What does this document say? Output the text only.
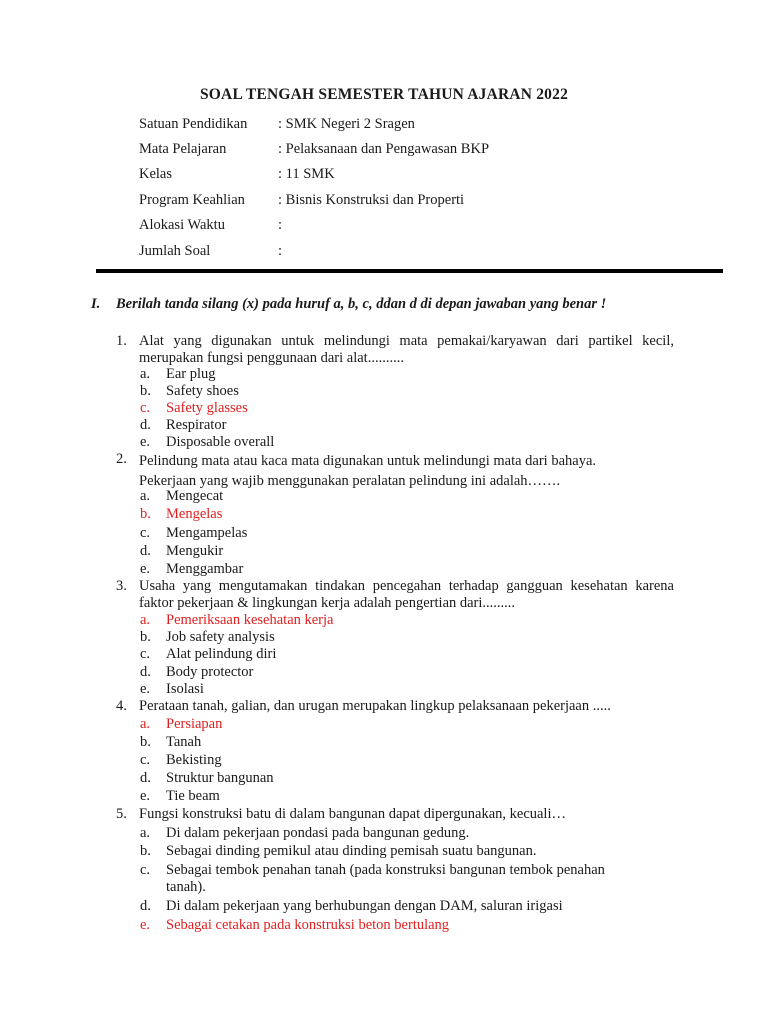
SOAL TENGAH SEMESTER TAHUN AJARAN 2022
Satuan Pendidikan : SMK Negeri 2 Sragen
Mata Pelajaran	: Pelaksanaan dan Pengawasan BKP
Kelas	: 11 SMK
Program Keahlian : Bisnis Konstruksi dan Properti
Alokasi Waktu	:
Jumlah Soal	:
I. Berilah tanda silang (x) pada huruf a, b, c, ddan d di depan jawaban yang benar !
1. Alat yang digunakan untuk melindungi mata pemakai/karyawan dari partikel kecil, merupakan fungsi penggunaan dari alat..........
a. Ear plug
b. Safety shoes
c. Safety glasses
d. Respirator
e. Disposable overall
2. Pelindung mata atau kaca mata digunakan untuk melindungi mata dari bahaya. Pekerjaan yang wajib menggunakan peralatan pelindung ini adalah…….
a. Mengecat
b. Mengelas
c. Mengampelas
d. Mengukir
e. Menggambar
3. Usaha yang mengutamakan tindakan pencegahan terhadap gangguan kesehatan karena faktor pekerjaan & lingkungan kerja adalah pengertian dari.........
a. Pemeriksaan kesehatan kerja
b. Job safety analysis
c. Alat pelindung diri
d. Body protector
e. Isolasi
4. Perataan tanah, galian, dan urugan merupakan lingkup pelaksanaan pekerjaan .....
a. Persiapan
b. Tanah
c. Bekisting
d. Struktur bangunan
e. Tie beam
5. Fungsi konstruksi batu di dalam bangunan dapat dipergunakan, kecuali…
a. Di dalam pekerjaan pondasi pada bangunan gedung.
b. Sebagai dinding pemikul atau dinding pemisah suatu bangunan.
c. Sebagai tembok penahan tanah (pada konstruksi bangunan tembok penahan tanah).
d. Di dalam pekerjaan yang berhubungan dengan DAM, saluran irigasi
e. Sebagai cetakan pada konstruksi beton bertulang
